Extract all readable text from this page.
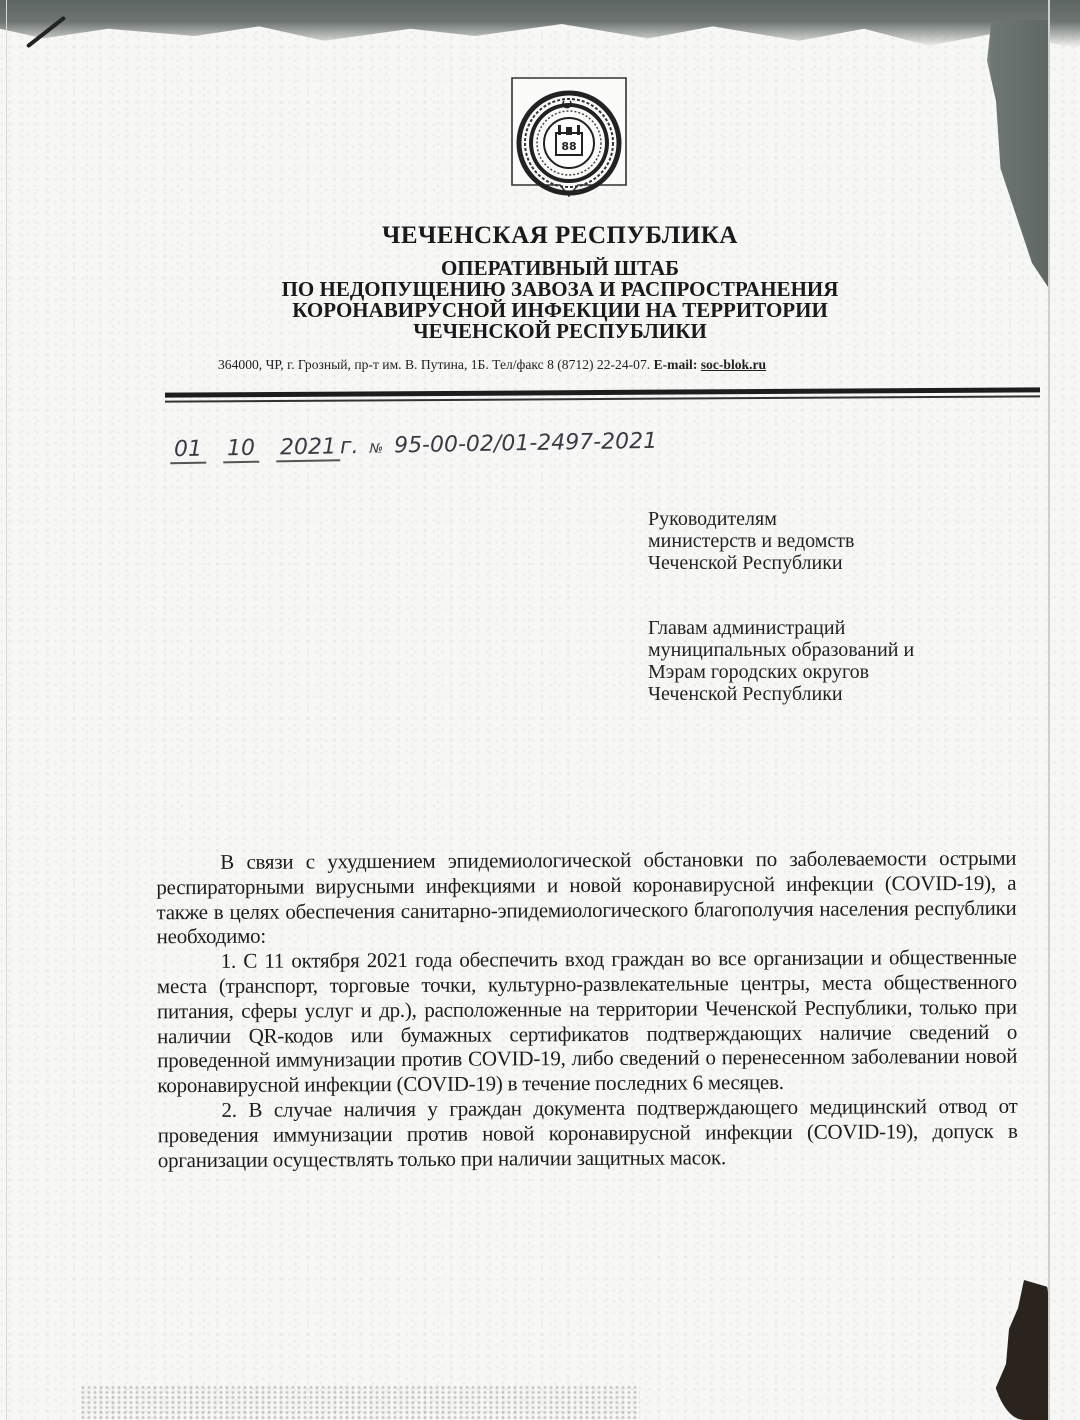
88
ЧЕЧЕНСКАЯ РЕСПУБЛИКА
ОПЕРАТИВНЫЙ ШТАБ
ПО НЕДОПУЩЕНИЮ ЗАВОЗА И РАСПРОСТРАНЕНИЯ
КОРОНАВИРУСНОЙ ИНФЕКЦИИ НА ТЕРРИТОРИИ
ЧЕЧЕНСКОЙ РЕСПУБЛИКИ
364000, ЧР, г. Грозный, пр-т им. В. Путина, 1Б. Тел/факс 8 (8712) 22-24-07. E-mail: soc-blok.ru
01 10 2021 г. № 95-00-02/01-2497-2021
Руководителям
министерств и ведомств
Чеченской Республики
Главам администраций
муниципальных образований и
Мэрам городских округов
Чеченской Республики

В связи с ухудшением эпидемиологической обстановки по заболеваемости острыми респираторными вирусными инфекциями и новой коронавирусной инфекции (COVID-19), а также в целях обеспечения санитарно-эпидемиологического благополучия населения республики необходимо:

1. С 11 октября 2021 года обеспечить вход граждан во все организации и общественные места (транспорт, торговые точки, культурно-развлекательные центры, места общественного питания, сферы услуг и др.), расположенные на территории Чеченской Республики, только при наличии QR-кодов или бумажных сертификатов подтверждающих наличие сведений о проведенной иммунизации против COVID-19, либо сведений о перенесенном заболевании новой коронавирусной инфекции (COVID-19) в течение последних 6 месяцев.

2. В случае наличия у граждан документа подтверждающего медицинский отвод от проведения иммунизации против новой коронавирусной инфекции (COVID-19), допуск в организации осуществлять только при наличии защитных масок.
